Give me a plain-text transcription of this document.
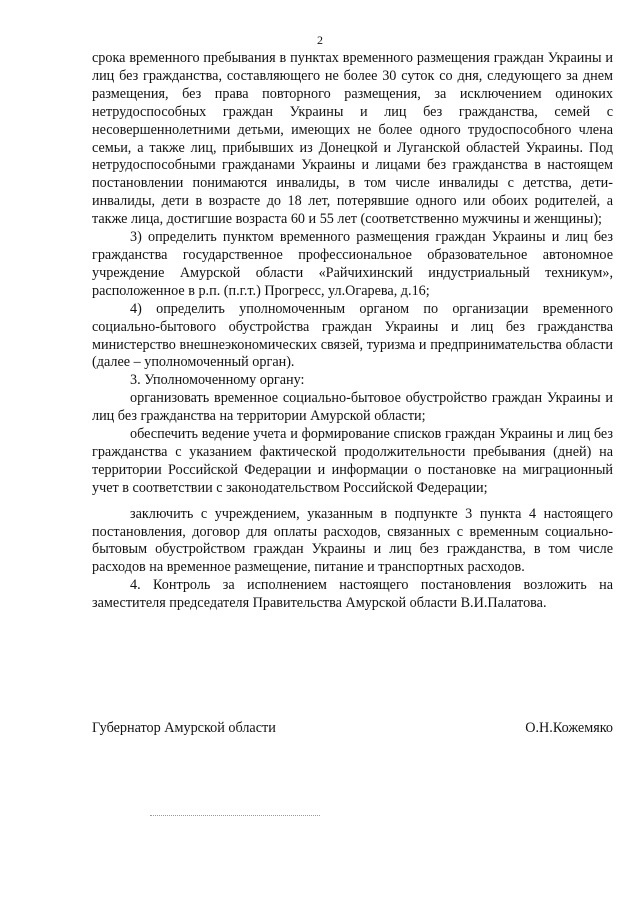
2

срока временного пребывания в пунктах временного размещения граждан Украины и лиц без гражданства, составляющего не более 30 суток со дня, следующего за днем размещения, без права повторного размещения, за исключением одиноких нетрудоспособных граждан Украины и лиц без гражданства, семей с несовершеннолетними детьми, имеющих не более одного трудоспособного члена семьи, а также лиц, прибывших из Донецкой и Луганской областей Украины. Под нетрудоспособными гражданами Украины и лицами без гражданства в настоящем постановлении понимаются инвалиды, в том числе инвалиды с детства, дети-инвалиды, дети в возрасте до 18 лет, потерявшие одного или обоих родителей, а также лица, достигшие возраста 60 и 55 лет (соответственно мужчины и женщины);

3) определить пунктом временного размещения граждан Украины и лиц без гражданства государственное профессиональное образовательное автономное учреждение Амурской области «Райчихинский индустриальный техникум», расположенное в р.п. (п.г.т.) Прогресс, ул.Огарева, д.16;

4) определить уполномоченным органом по организации временного социально-бытового обустройства граждан Украины и лиц без гражданства министерство внешнеэкономических связей, туризма и предпринимательства области (далее – уполномоченный орган).

3. Уполномоченному органу:

организовать временное социально-бытовое обустройство граждан Украины и лиц без гражданства на территории Амурской области;

обеспечить ведение учета и формирование списков граждан Украины и лиц без гражданства с указанием фактической продолжительности пребывания (дней) на территории Российской Федерации и информации о постановке на миграционный учет в соответствии с законодательством Российской Федерации;

заключить с учреждением, указанным в подпункте 3 пункта 4 настоящего постановления, договор для оплаты расходов, связанных с временным социально-бытовым обустройством граждан Украины и лиц без гражданства, в том числе расходов на временное размещение, питание и транспортных расходов.

4. Контроль за исполнением настоящего постановления возложить на заместителя председателя Правительства Амурской области В.И.Палатова.

Губернатор Амурской области	О.Н.Кожемяко
